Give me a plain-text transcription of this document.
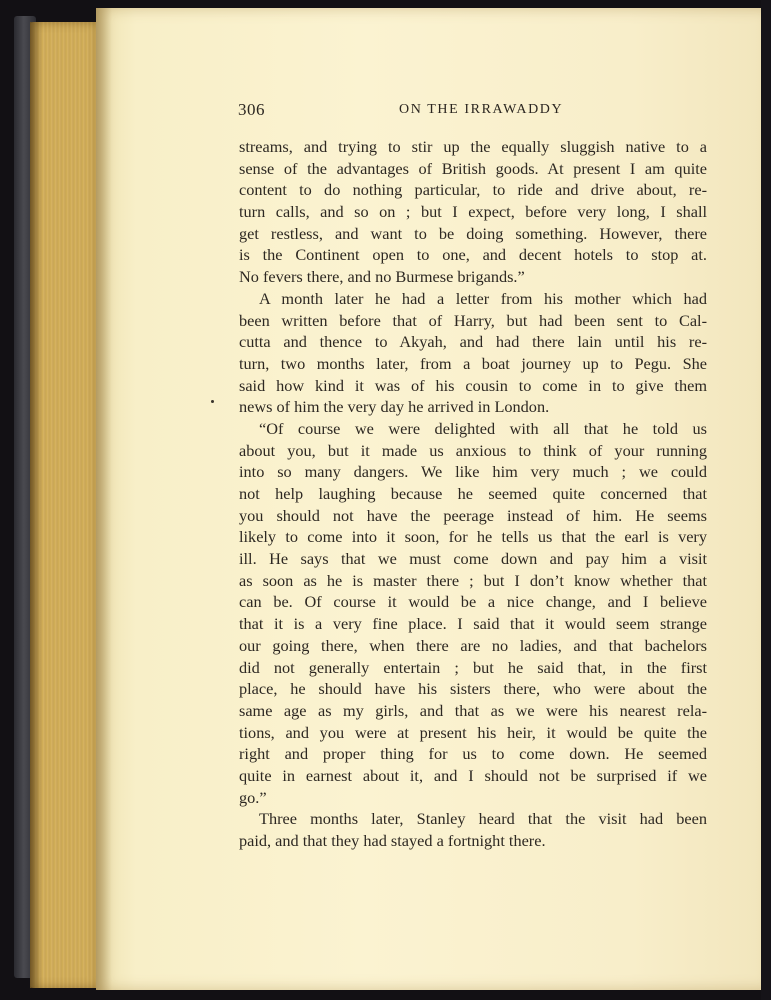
306	ON THE IRRAWADDY
streams, and trying to stir up the equally sluggish native to a
sense of the advantages of British goods. At present I am quite
content to do nothing particular, to ride and drive about, re-
turn calls, and so on ; but I expect, before very long, I shall
get restless, and want to be doing something. However, there
is the Continent open to one, and decent hotels to stop at.
No fevers there, and no Burmese brigands.”
A month later he had a letter from his mother which had
been written before that of Harry, but had been sent to Cal-
cutta and thence to Akyah, and had there lain until his re-
turn, two months later, from a boat journey up to Pegu. She
said how kind it was of his cousin to come in to give them
news of him the very day he arrived in London.
“Of course we were delighted with all that he told us
about you, but it made us anxious to think of your running
into so many dangers. We like him very much ; we could
not help laughing because he seemed quite concerned that
you should not have the peerage instead of him. He seems
likely to come into it soon, for he tells us that the earl is very
ill. He says that we must come down and pay him a visit
as soon as he is master there ; but I don’t know whether that
can be. Of course it would be a nice change, and I believe
that it is a very fine place. I said that it would seem strange
our going there, when there are no ladies, and that bachelors
did not generally entertain ; but he said that, in the first
place, he should have his sisters there, who were about the
same age as my girls, and that as we were his nearest rela-
tions, and you were at present his heir, it would be quite the
right and proper thing for us to come down. He seemed
quite in earnest about it, and I should not be surprised if we
go.”
Three months later, Stanley heard that the visit had been
paid, and that they had stayed a fortnight there.
